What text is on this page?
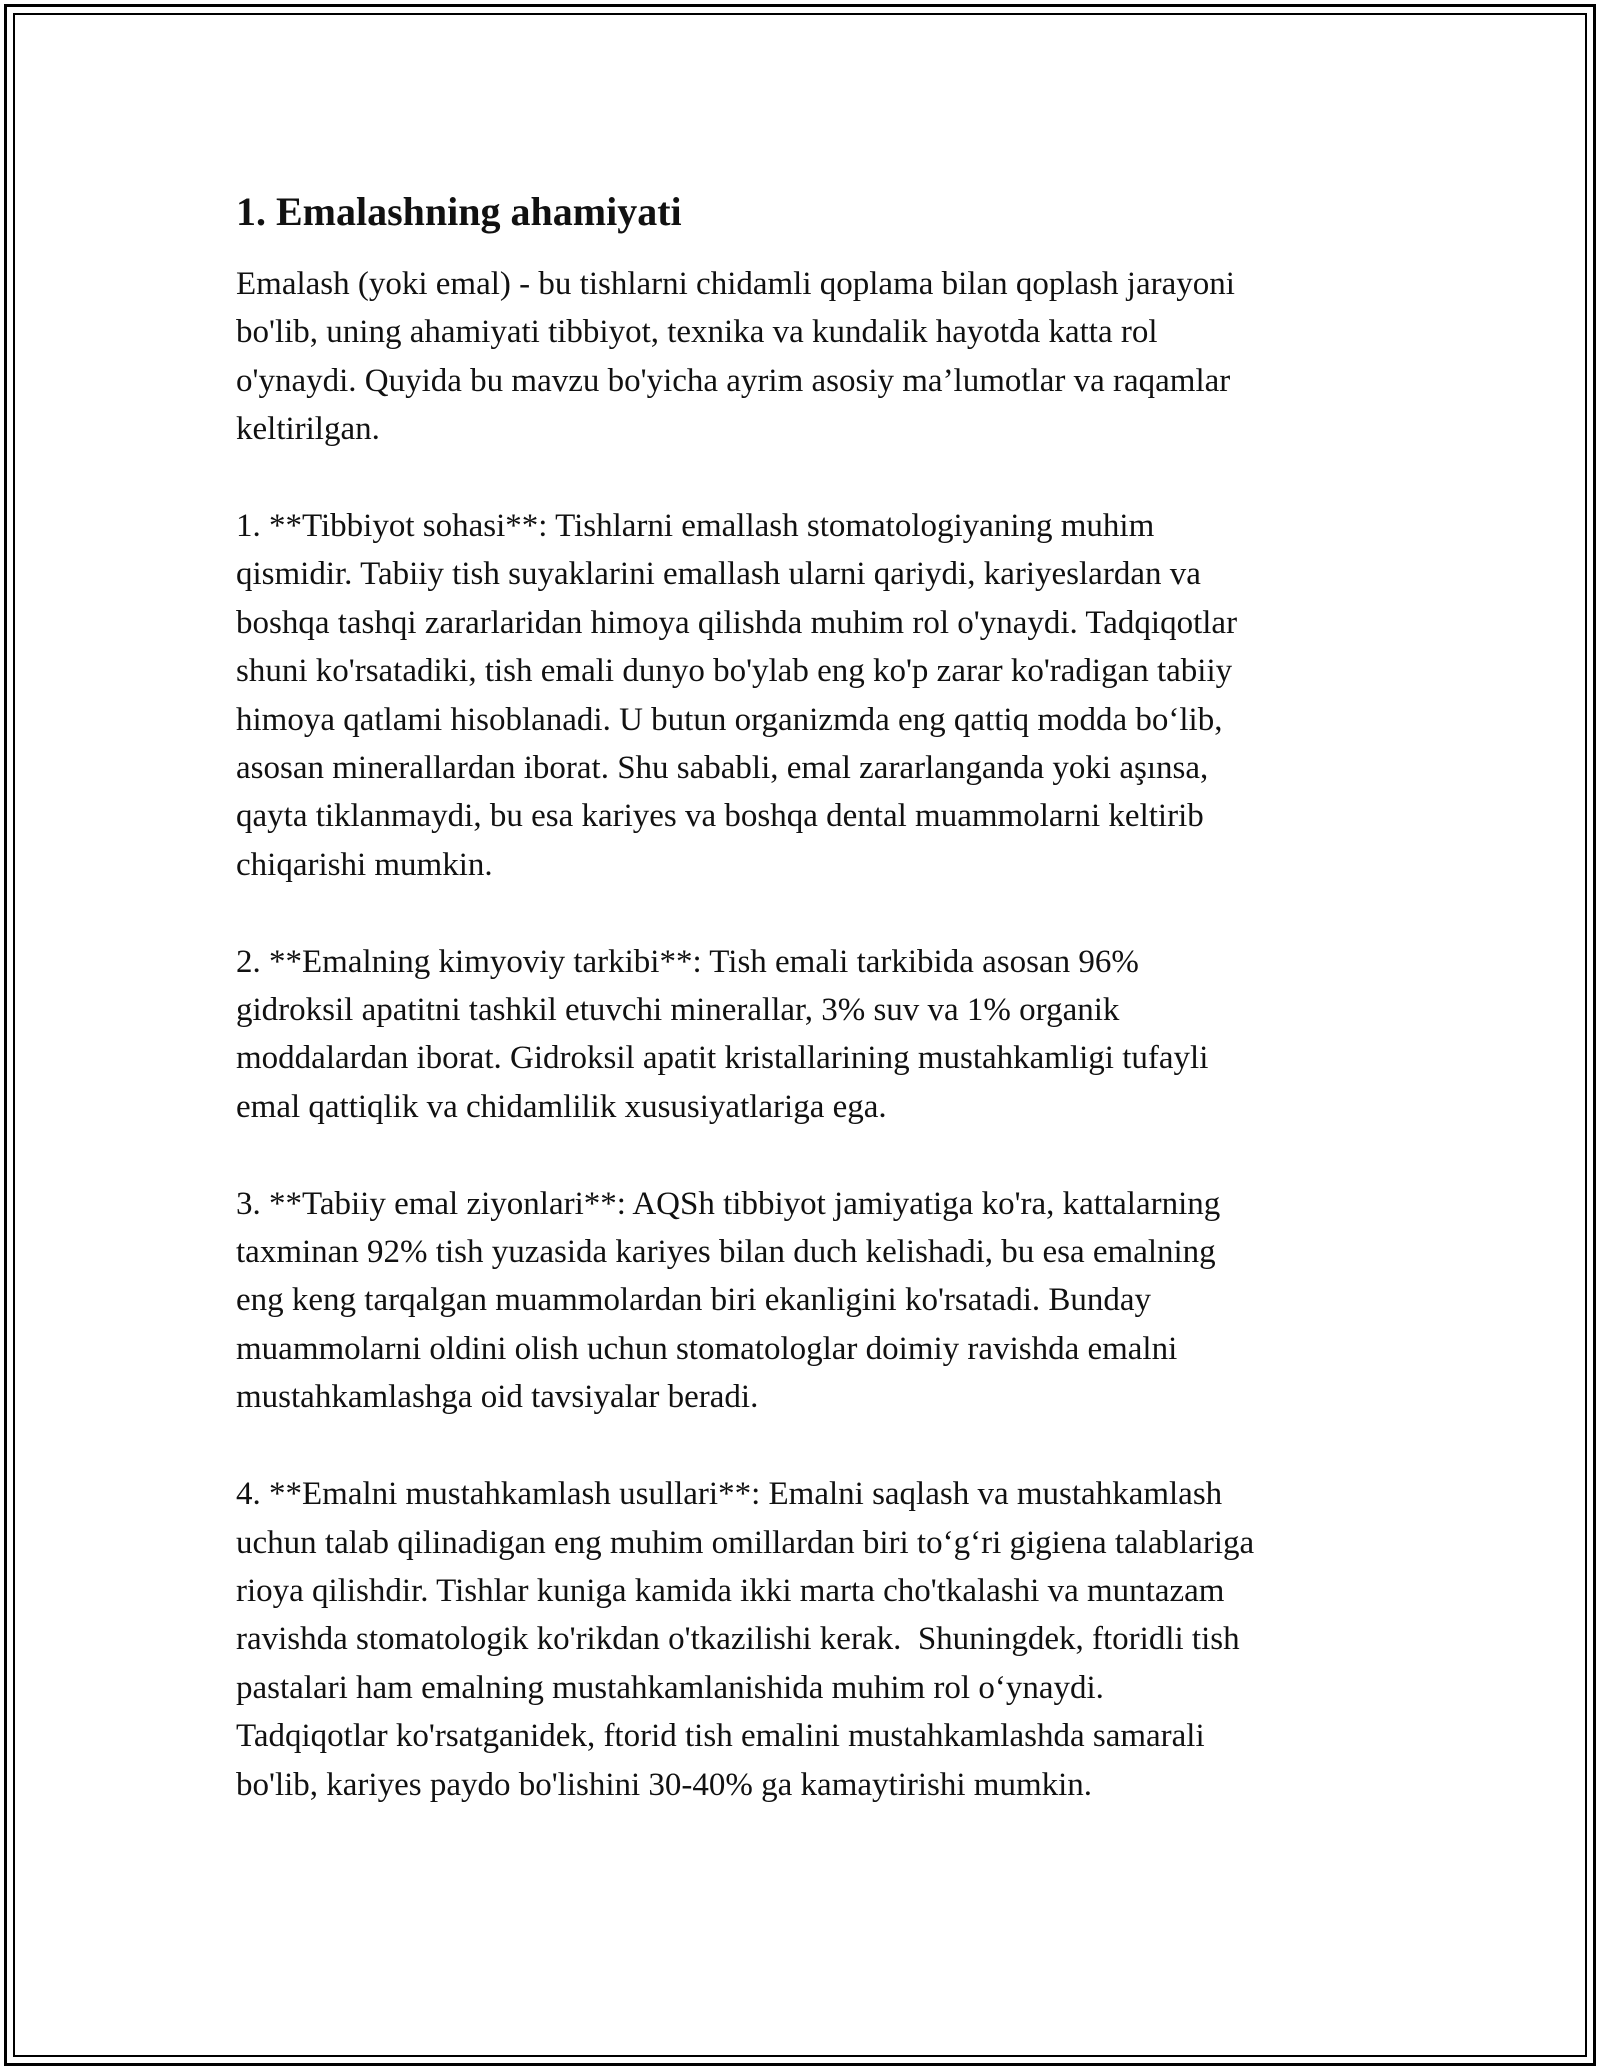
1. Emalashning ahamiyati

Emalash (yoki emal) - bu tishlarni chidamli qoplama bilan qoplash jarayoni
bo'lib, uning ahamiyati tibbiyot, texnika va kundalik hayotda katta rol
o'ynaydi. Quyida bu mavzu bo'yicha ayrim asosiy ma’lumotlar va raqamlar
keltirilgan.

1. **Tibbiyot sohasi**: Tishlarni emallash stomatologiyaning muhim
qismidir. Tabiiy tish suyaklarini emallash ularni qariydi, kariyeslardan va
boshqa tashqi zararlaridan himoya qilishda muhim rol o'ynaydi. Tadqiqotlar
shuni ko'rsatadiki, tish emali dunyo bo'ylab eng ko'p zarar ko'radigan tabiiy
himoya qatlami hisoblanadi. U butun organizmda eng qattiq modda bo‘lib,
asosan minerallardan iborat. Shu sababli, emal zararlanganda yoki aşınsa,
qayta tiklanmaydi, bu esa kariyes va boshqa dental muammolarni keltirib
chiqarishi mumkin.

2. **Emalning kimyoviy tarkibi**: Tish emali tarkibida asosan 96%
gidroksil apatitni tashkil etuvchi minerallar, 3% suv va 1% organik
moddalardan iborat. Gidroksil apatit kristallarining mustahkamligi tufayli
emal qattiqlik va chidamlilik xususiyatlariga ega.

3. **Tabiiy emal ziyonlari**: AQSh tibbiyot jamiyatiga ko'ra, kattalarning
taxminan 92% tish yuzasida kariyes bilan duch kelishadi, bu esa emalning
eng keng tarqalgan muammolardan biri ekanligini ko'rsatadi. Bunday
muammolarni oldini olish uchun stomatologlar doimiy ravishda emalni
mustahkamlashga oid tavsiyalar beradi.

4. **Emalni mustahkamlash usullari**: Emalni saqlash va mustahkamlash
uchun talab qilinadigan eng muhim omillardan biri to‘g‘ri gigiena talablariga
rioya qilishdir. Tishlar kuniga kamida ikki marta cho'tkalashi va muntazam
ravishda stomatologik ko'rikdan o'tkazilishi kerak.  Shuningdek, ftoridli tish
pastalari ham emalning mustahkamlanishida muhim rol o‘ynaydi.
Tadqiqotlar ko'rsatganidek, ftorid tish emalini mustahkamlashda samarali
bo'lib, kariyes paydo bo'lishini 30-40% ga kamaytirishi mumkin.
